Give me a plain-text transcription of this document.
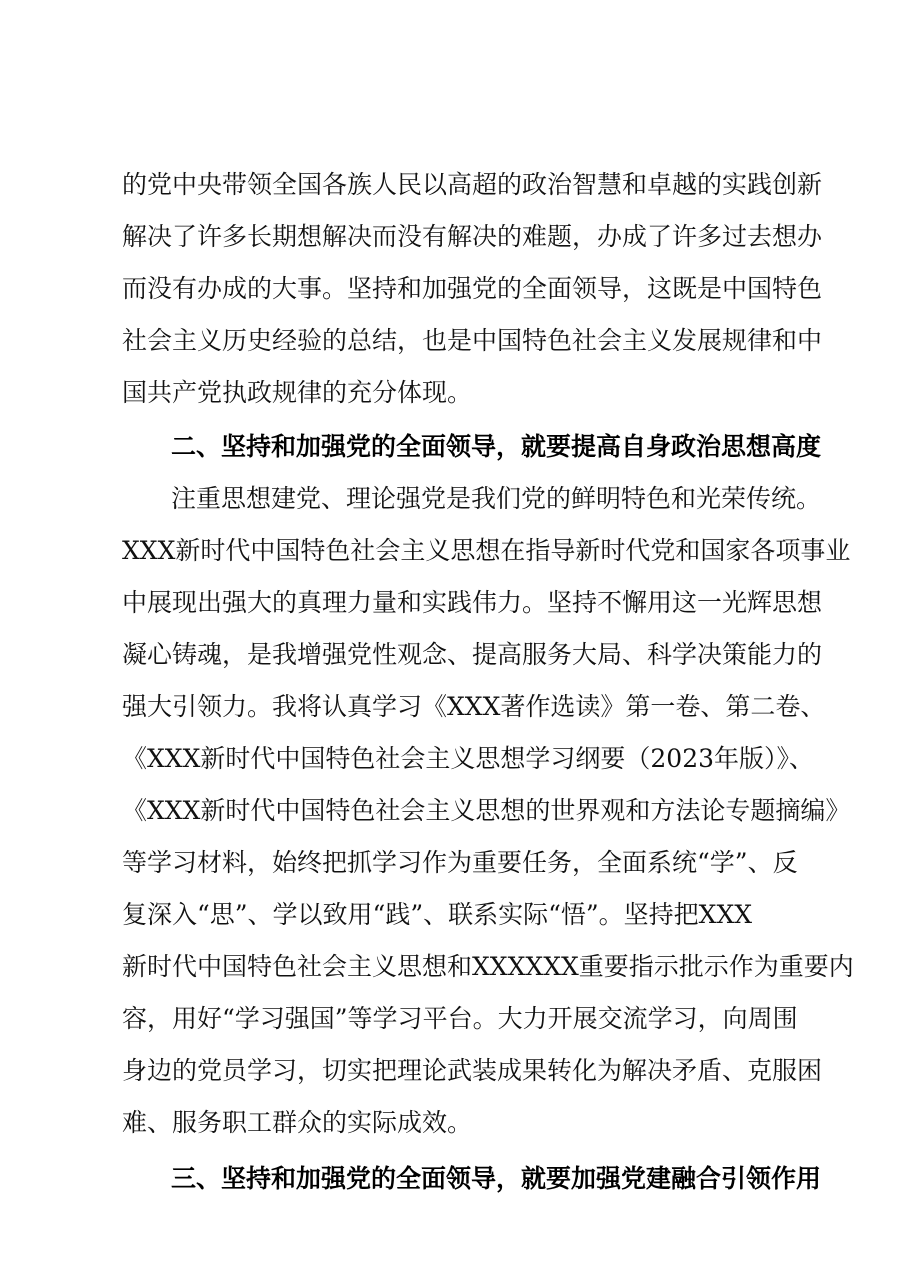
的党中央带领全国各族人民以高超的政治智慧和卓越的实践创新
解决了许多长期想解决而没有解决的难题，办成了许多过去想办
而没有办成的大事。坚持和加强党的全面领导，这既是中国特色
社会主义历史经验的总结，也是中国特色社会主义发展规律和中
国共产党执政规律的充分体现。
二、坚持和加强党的全面领导，就要提高自身政治思想高度
注重思想建党、理论强党是我们党的鲜明特色和光荣传统。
XXX新时代中国特色社会主义思想在指导新时代党和国家各项事业
中展现出强大的真理力量和实践伟力。坚持不懈用这一光辉思想
凝心铸魂，是我增强党性观念、提高服务大局、科学决策能力的
强大引领力。我将认真学习《XXX著作选读》第一卷、第二卷、
《XXX新时代中国特色社会主义思想学习纲要（2023年版）》、
《XXX新时代中国特色社会主义思想的世界观和方法论专题摘编》
等学习材料，始终把抓学习作为重要任务，全面系统“学”、反
复深入“思”、学以致用“践”、联系实际“悟”。坚持把XXX
新时代中国特色社会主义思想和XXXXXX重要指示批示作为重要内
容，用好“学习强国”等学习平台。大力开展交流学习，向周围
身边的党员学习，切实把理论武装成果转化为解决矛盾、克服困
难、服务职工群众的实际成效。
三、坚持和加强党的全面领导，就要加强党建融合引领作用
